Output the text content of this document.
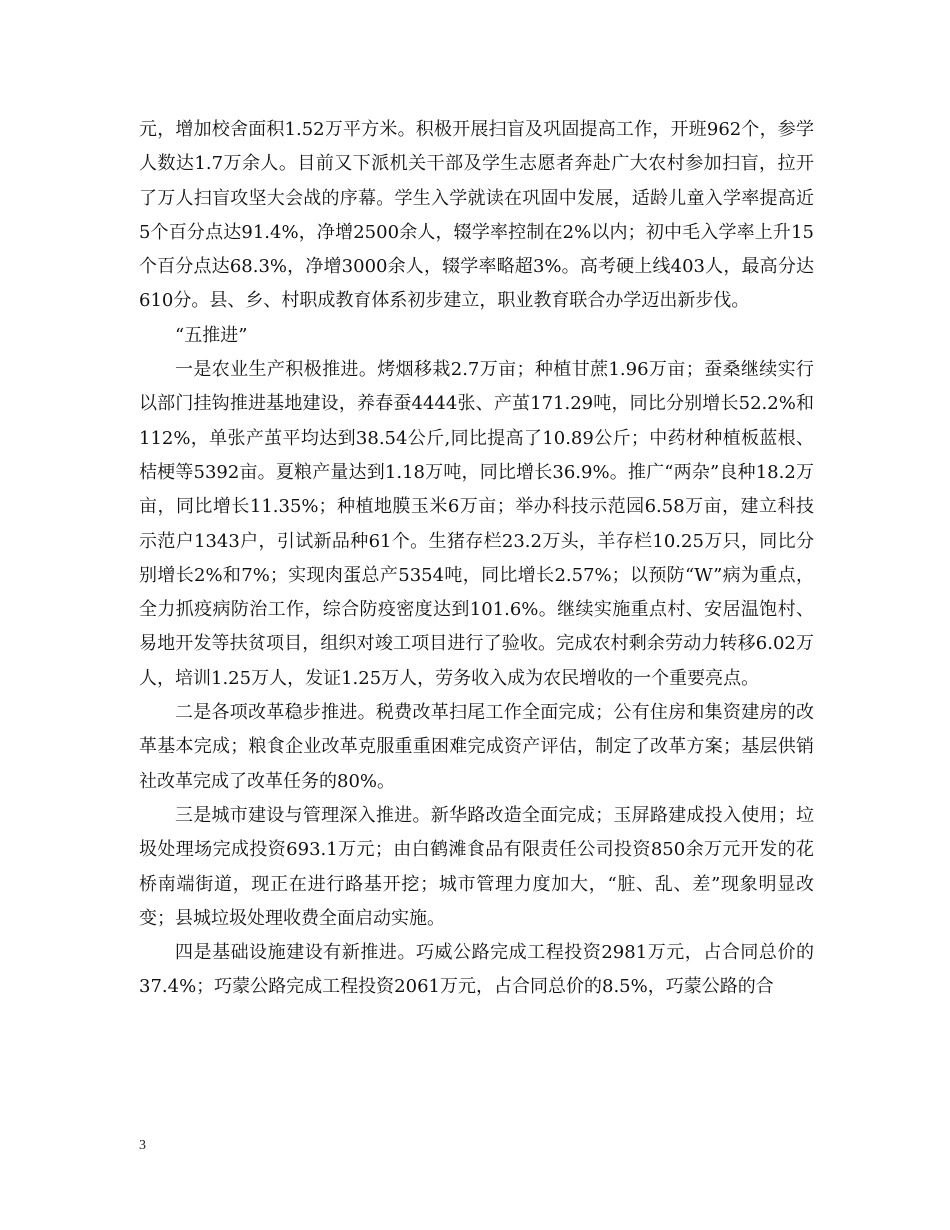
元，增加校舍面积1.52万平方米。积极开展扫盲及巩固提高工作，开班962个，参学人数达1.7万余人。目前又下派机关干部及学生志愿者奔赴广大农村参加扫盲，拉开了万人扫盲攻坚大会战的序幕。学生入学就读在巩固中发展，适龄儿童入学率提高近5个百分点达91.4%，净增2500余人，辍学率控制在2%以内；初中毛入学率上升15个百分点达68.3%，净增3000余人，辍学率略超3%。高考硬上线403人，最高分达610分。县、乡、村职成教育体系初步建立，职业教育联合办学迈出新步伐。

“五推进”

一是农业生产积极推进。烤烟移栽2.7万亩；种植甘蔗1.96万亩；蚕桑继续实行以部门挂钩推进基地建设，养春蚕4444张、产茧171.29吨，同比分别增长52.2%和112%，单张产茧平均达到38.54公斤,同比提高了10.89公斤；中药材种植板蓝根、桔梗等5392亩。夏粮产量达到1.18万吨，同比增长36.9%。推广“两杂”良种18.2万亩，同比增长11.35%；种植地膜玉米6万亩；举办科技示范园6.58万亩，建立科技示范户1343户，引试新品种61个。生猪存栏23.2万头，羊存栏10.25万只，同比分别增长2%和7%；实现肉蛋总产5354吨，同比增长2.57%；以预防“W”病为重点，全力抓疫病防治工作，综合防疫密度达到101.6%。继续实施重点村、安居温饱村、易地开发等扶贫项目，组织对竣工项目进行了验收。完成农村剩余劳动力转移6.02万人，培训1.25万人，发证1.25万人，劳务收入成为农民增收的一个重要亮点。

二是各项改革稳步推进。税费改革扫尾工作全面完成；公有住房和集资建房的改革基本完成；粮食企业改革克服重重困难完成资产评估，制定了改革方案；基层供销社改革完成了改革任务的80%。

三是城市建设与管理深入推进。新华路改造全面完成；玉屏路建成投入使用；垃圾处理场完成投资693.1万元；由白鹤滩食品有限责任公司投资850余万元开发的花桥南端街道，现正在进行路基开挖；城市管理力度加大，“脏、乱、差”现象明显改变；县城垃圾处理收费全面启动实施。

四是基础设施建设有新推进。巧威公路完成工程投资2981万元，占合同总价的37.4%；巧蒙公路完成工程投资2061万元，占合同总价的8.5%，巧蒙公路的合

3
